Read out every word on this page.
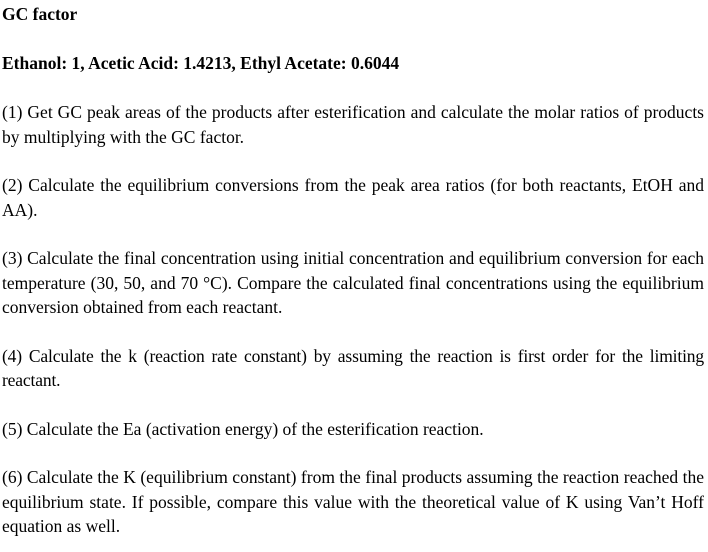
GC factor
Ethanol: 1, Acetic Acid: 1.4213, Ethyl Acetate: 0.6044
(1) Get GC peak areas of the products after esterification and calculate the molar ratios of products by multiplying with the GC factor.
(2) Calculate the equilibrium conversions from the peak area ratios (for both reactants, EtOH and AA).
(3) Calculate the final concentration using initial concentration and equilibrium conversion for each temperature (30, 50, and 70 °C). Compare the calculated final concentrations using the equilibrium conversion obtained from each reactant.
(4) Calculate the k (reaction rate constant) by assuming the reaction is first order for the limiting reactant.
(5) Calculate the Ea (activation energy) of the esterification reaction.
(6) Calculate the K (equilibrium constant) from the final products assuming the reaction reached the equilibrium state. If possible, compare this value with the theoretical value of K using Van’t Hoff equation as well.
